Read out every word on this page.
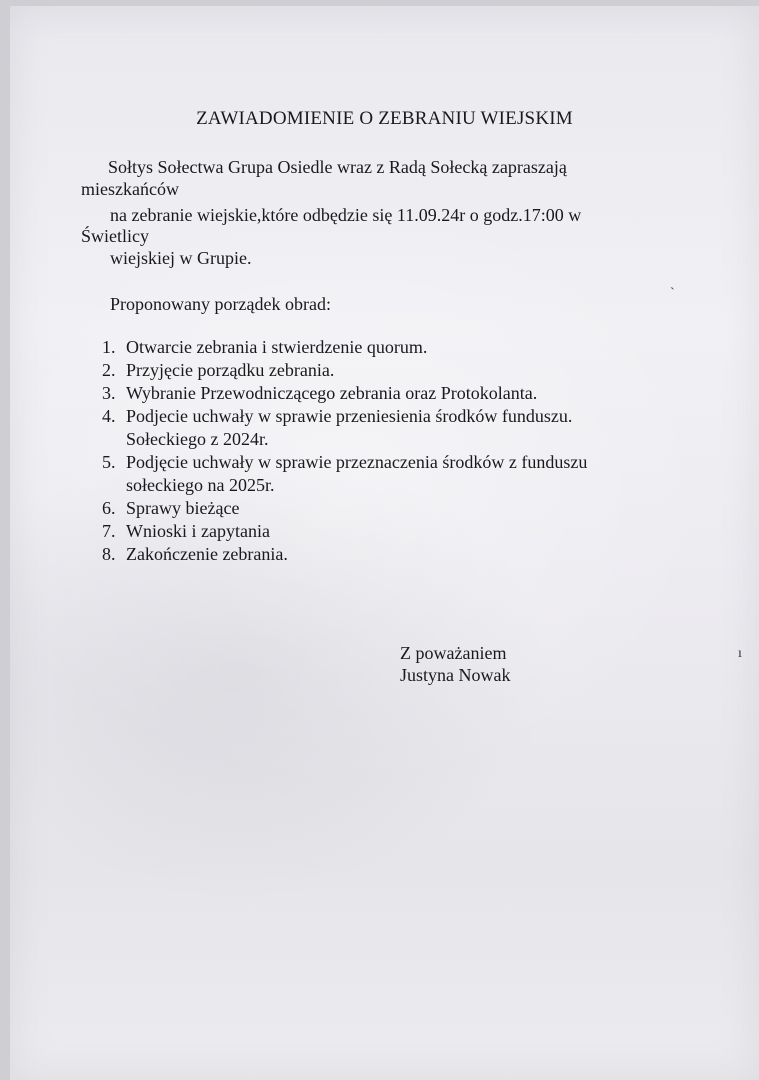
ZAWIADOMIENIE O ZEBRANIU WIEJSKIM
Sołtys Sołectwa Grupa Osiedle wraz z Radą Sołecką zapraszają
mieszkańców
na zebranie wiejskie,które odbędzie się 11.09.24r o godz.17:00 w
Świetlicy
wiejskiej w Grupie.
Proponowany porządek obrad:
1. Otwarcie zebrania i stwierdzenie quorum.
2. Przyjęcie porządku zebrania.
3. Wybranie Przewodniczącego zebrania oraz Protokolanta.
4. Podjecie uchwały w sprawie przeniesienia środków funduszu.
Sołeckiego z 2024r.
5. Podjęcie uchwały w sprawie przeznaczenia środków z funduszu
sołeckiego na 2025r.
6. Sprawy bieżące
7. Wnioski i zapytania
8. Zakończenie zebrania.
Z poważaniem
Justyna Nowak
ˋ
ı
